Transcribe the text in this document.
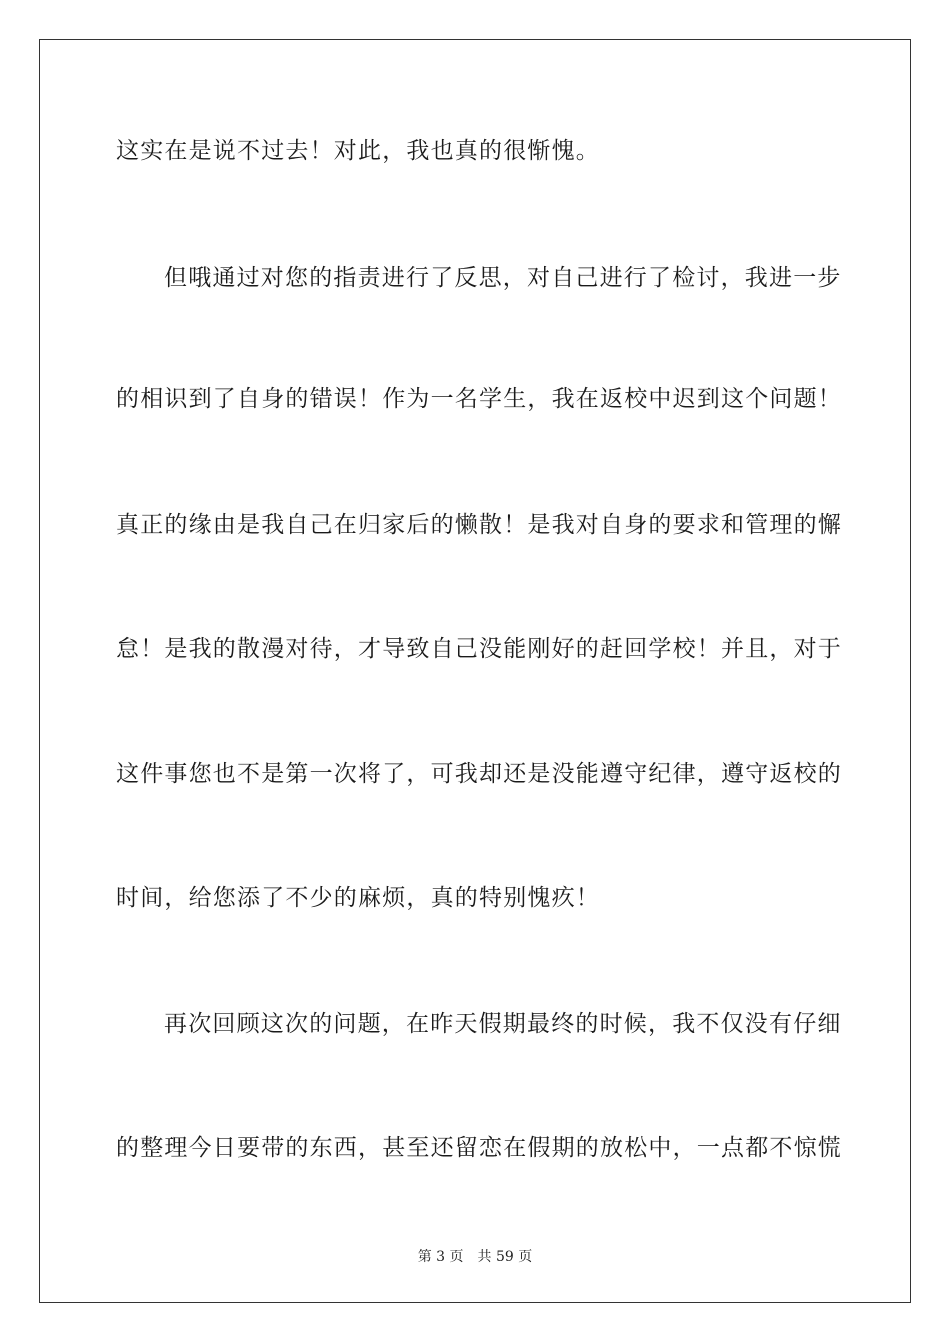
这实在是说不过去！对此，我也真的很惭愧。
但哦通过对您的指责进行了反思，对自己进行了检讨，我进一步
的相识到了自身的错误！作为一名学生，我在返校中迟到这个问题！
真正的缘由是我自己在归家后的懒散！是我对自身的要求和管理的懈
怠！是我的散漫对待，才导致自己没能刚好的赶回学校！并且，对于
这件事您也不是第一次将了，可我却还是没能遵守纪律，遵守返校的
时间，给您添了不少的麻烦，真的特别愧疚！
再次回顾这次的问题，在昨天假期最终的时候，我不仅没有仔细
的整理今日要带的东西，甚至还留恋在假期的放松中，一点都不惊慌
第 3 页 共 59 页
